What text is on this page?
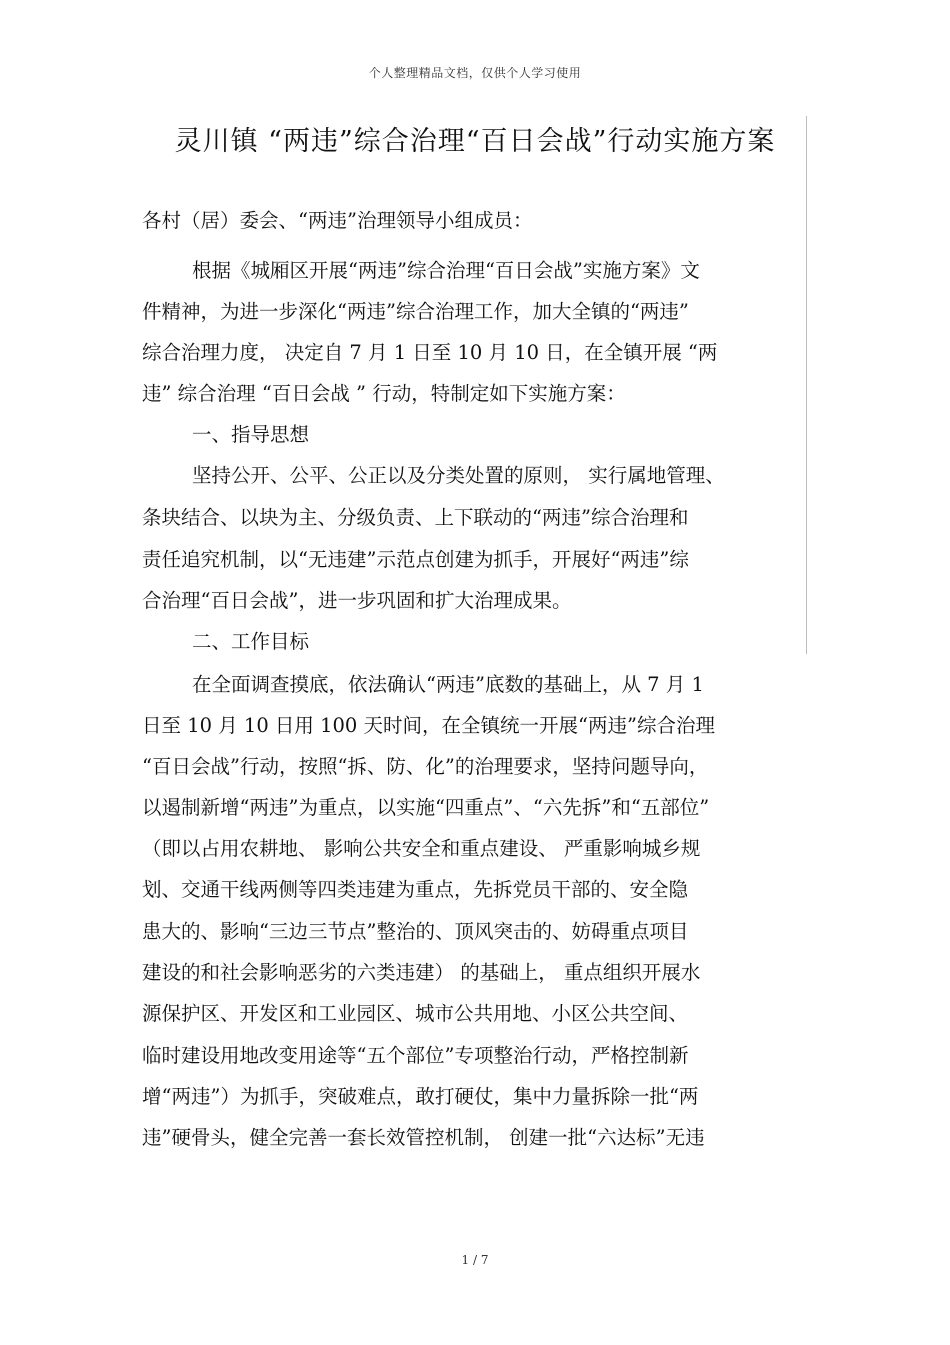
个人整理精品文档，仅供个人学习使用
灵川镇 “两违”综合治理“百日会战”行动实施方案
各村（居）委会、“两违”治理领导小组成员：
根据《城厢区开展“两违”综合治理“百日会战”实施方案》文
件精神，为进一步深化“两违”综合治理工作，加大全镇的“两违”
综合治理力度， 决定自 7 月 1 日至 10 月 10 日，在全镇开展 “两
违” 综合治理 “百日会战 ” 行动，特制定如下实施方案：
一、指导思想
坚持公开、公平、公正以及分类处置的原则， 实行属地管理、
条块结合、以块为主、分级负责、上下联动的“两违”综合治理和
责任追究机制，以“无违建”示范点创建为抓手，开展好“两违”综
合治理“百日会战”，进一步巩固和扩大治理成果。
二、工作目标
在全面调查摸底，依法确认“两违”底数的基础上，从 7 月 1
日至 10 月 10 日用 100 天时间，在全镇统一开展“两违”综合治理
“百日会战”行动，按照“拆、防、化”的治理要求，坚持问题导向，
以遏制新增“两违”为重点，以实施“四重点”、“六先拆”和“五部位”
（即以占用农耕地、 影响公共安全和重点建设、 严重影响城乡规
划、交通干线两侧等四类违建为重点，先拆党员干部的、安全隐
患大的、影响“三边三节点”整治的、顶风突击的、妨碍重点项目
建设的和社会影响恶劣的六类违建） 的基础上， 重点组织开展水
源保护区、开发区和工业园区、城市公共用地、小区公共空间、
临时建设用地改变用途等“五个部位”专项整治行动，严格控制新
增“两违”）为抓手，突破难点，敢打硬仗，集中力量拆除一批“两
违”硬骨头，健全完善一套长效管控机制， 创建一批“六达标”无违
1 / 7
